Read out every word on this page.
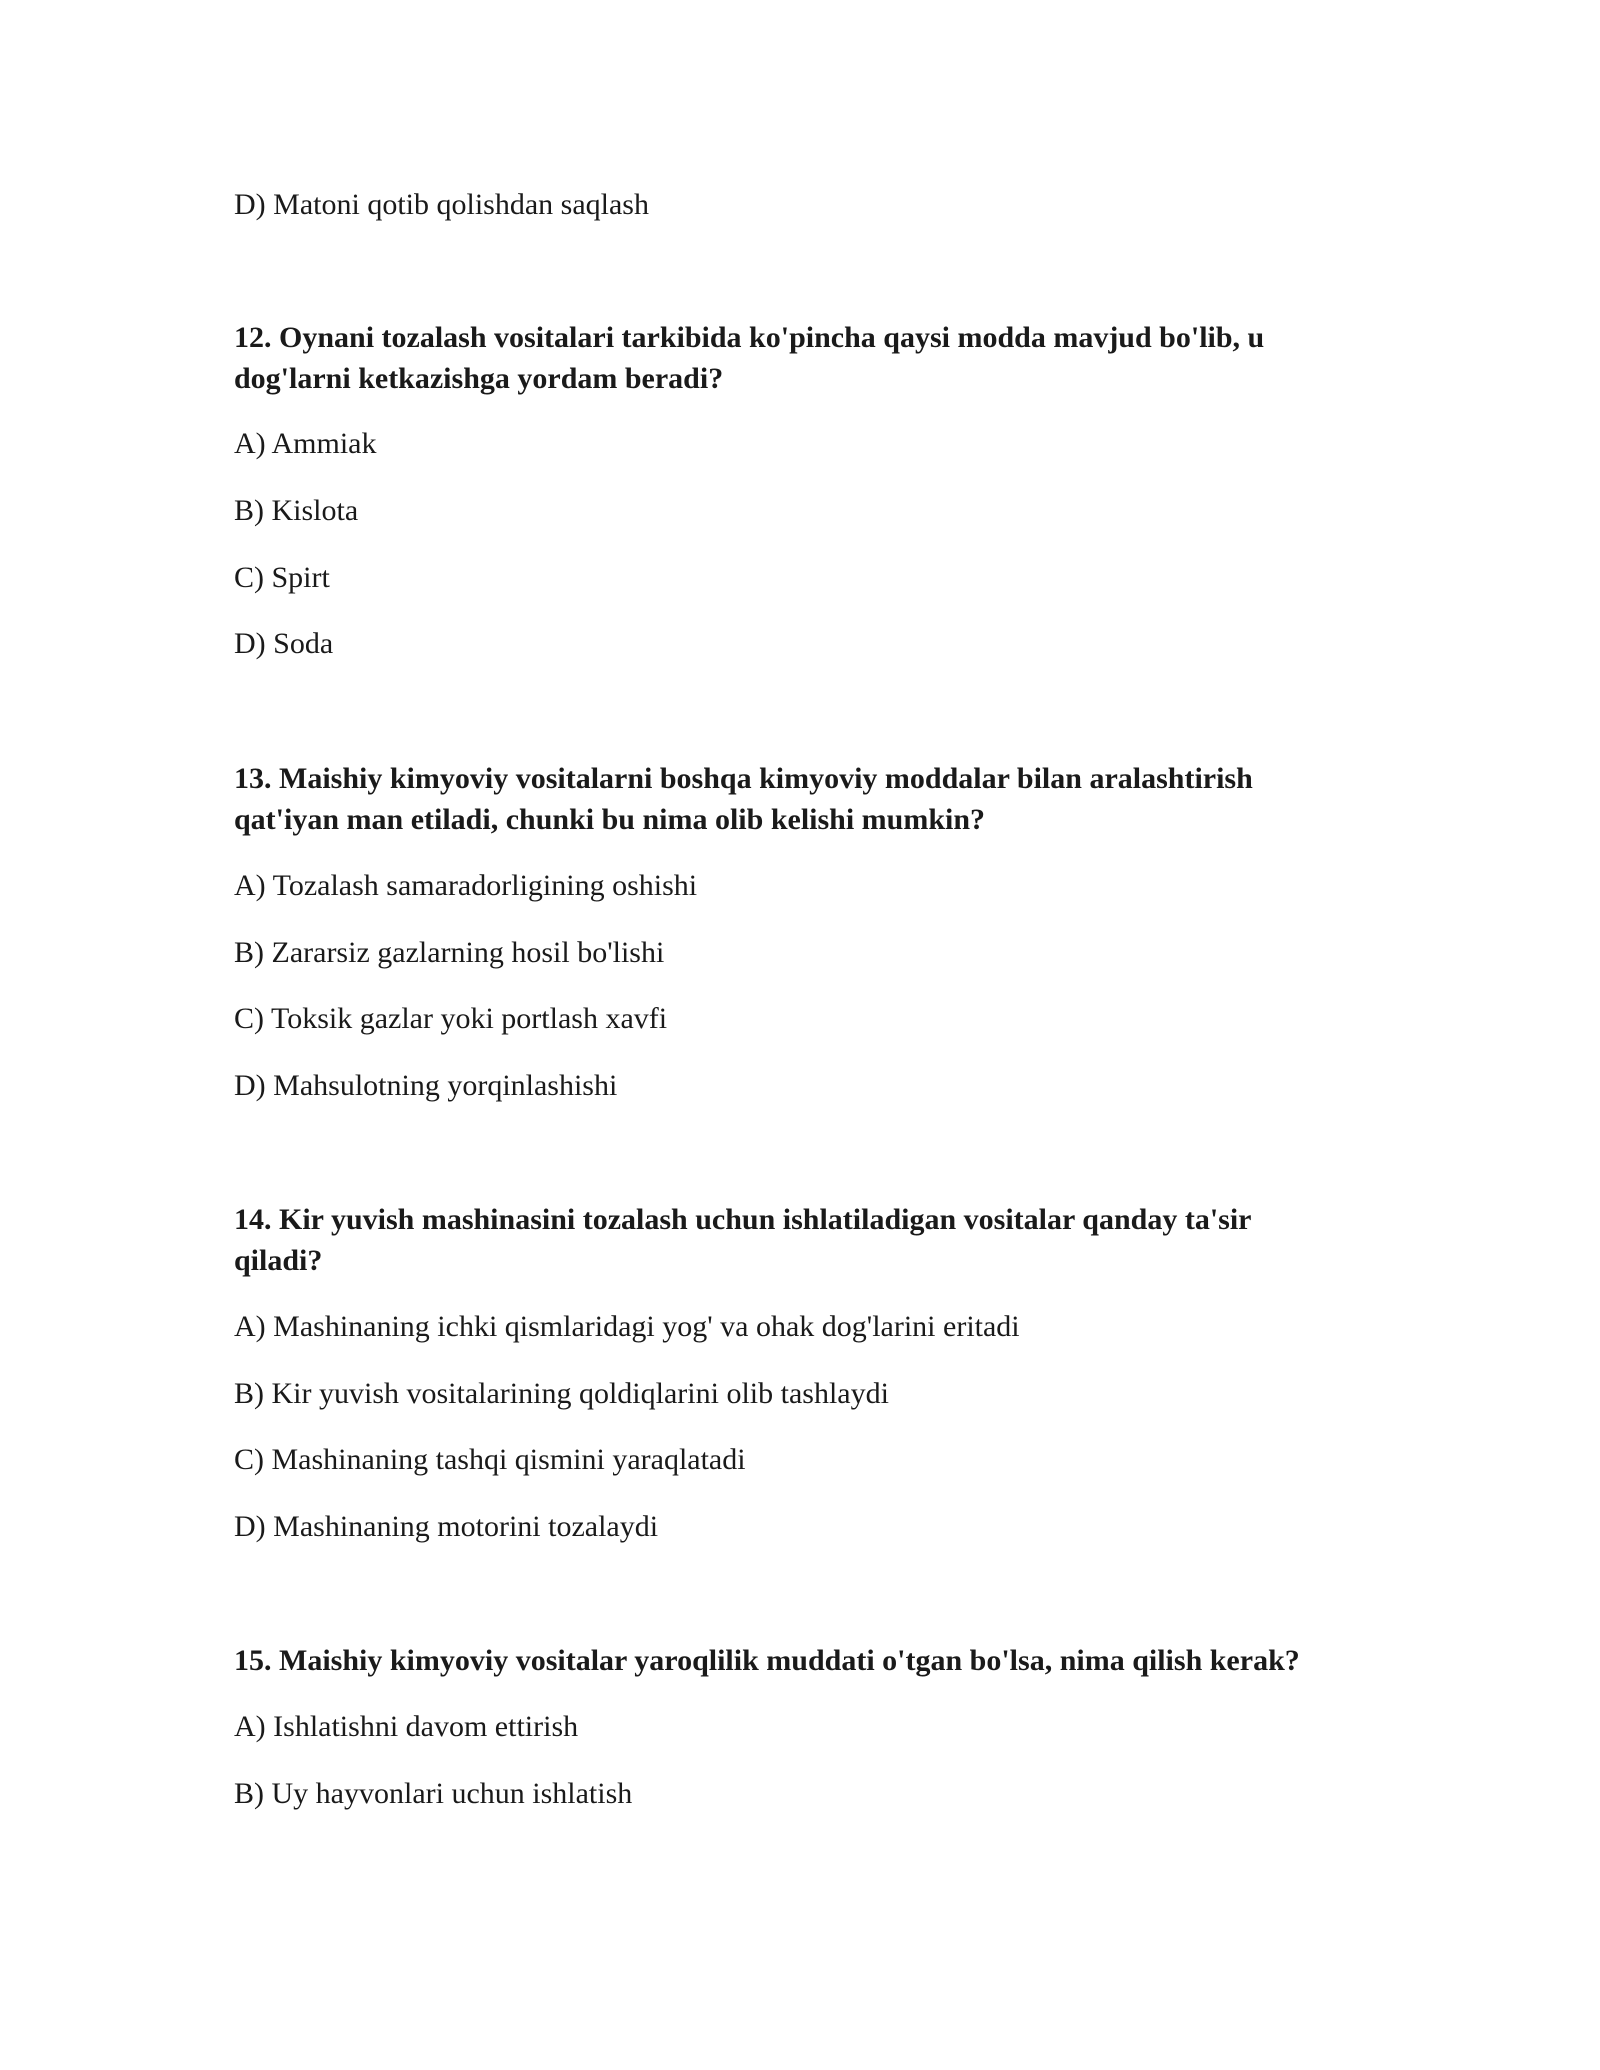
D) Matoni qotib qolishdan saqlash
12. Oynani tozalash vositalari tarkibida ko'pincha qaysi modda mavjud bo'lib, u
dog'larni ketkazishga yordam beradi?
A) Ammiak
B) Kislota
C) Spirt
D) Soda
13. Maishiy kimyoviy vositalarni boshqa kimyoviy moddalar bilan aralashtirish
qat'iyan man etiladi, chunki bu nima olib kelishi mumkin?
A) Tozalash samaradorligining oshishi
B) Zararsiz gazlarning hosil bo'lishi
C) Toksik gazlar yoki portlash xavfi
D) Mahsulotning yorqinlashishi
14. Kir yuvish mashinasini tozalash uchun ishlatiladigan vositalar qanday ta'sir
qiladi?
A) Mashinaning ichki qismlaridagi yog' va ohak dog'larini eritadi
B) Kir yuvish vositalarining qoldiqlarini olib tashlaydi
C) Mashinaning tashqi qismini yaraqlatadi
D) Mashinaning motorini tozalaydi
15. Maishiy kimyoviy vositalar yaroqlilik muddati o'tgan bo'lsa, nima qilish kerak?
A) Ishlatishni davom ettirish
B) Uy hayvonlari uchun ishlatish
